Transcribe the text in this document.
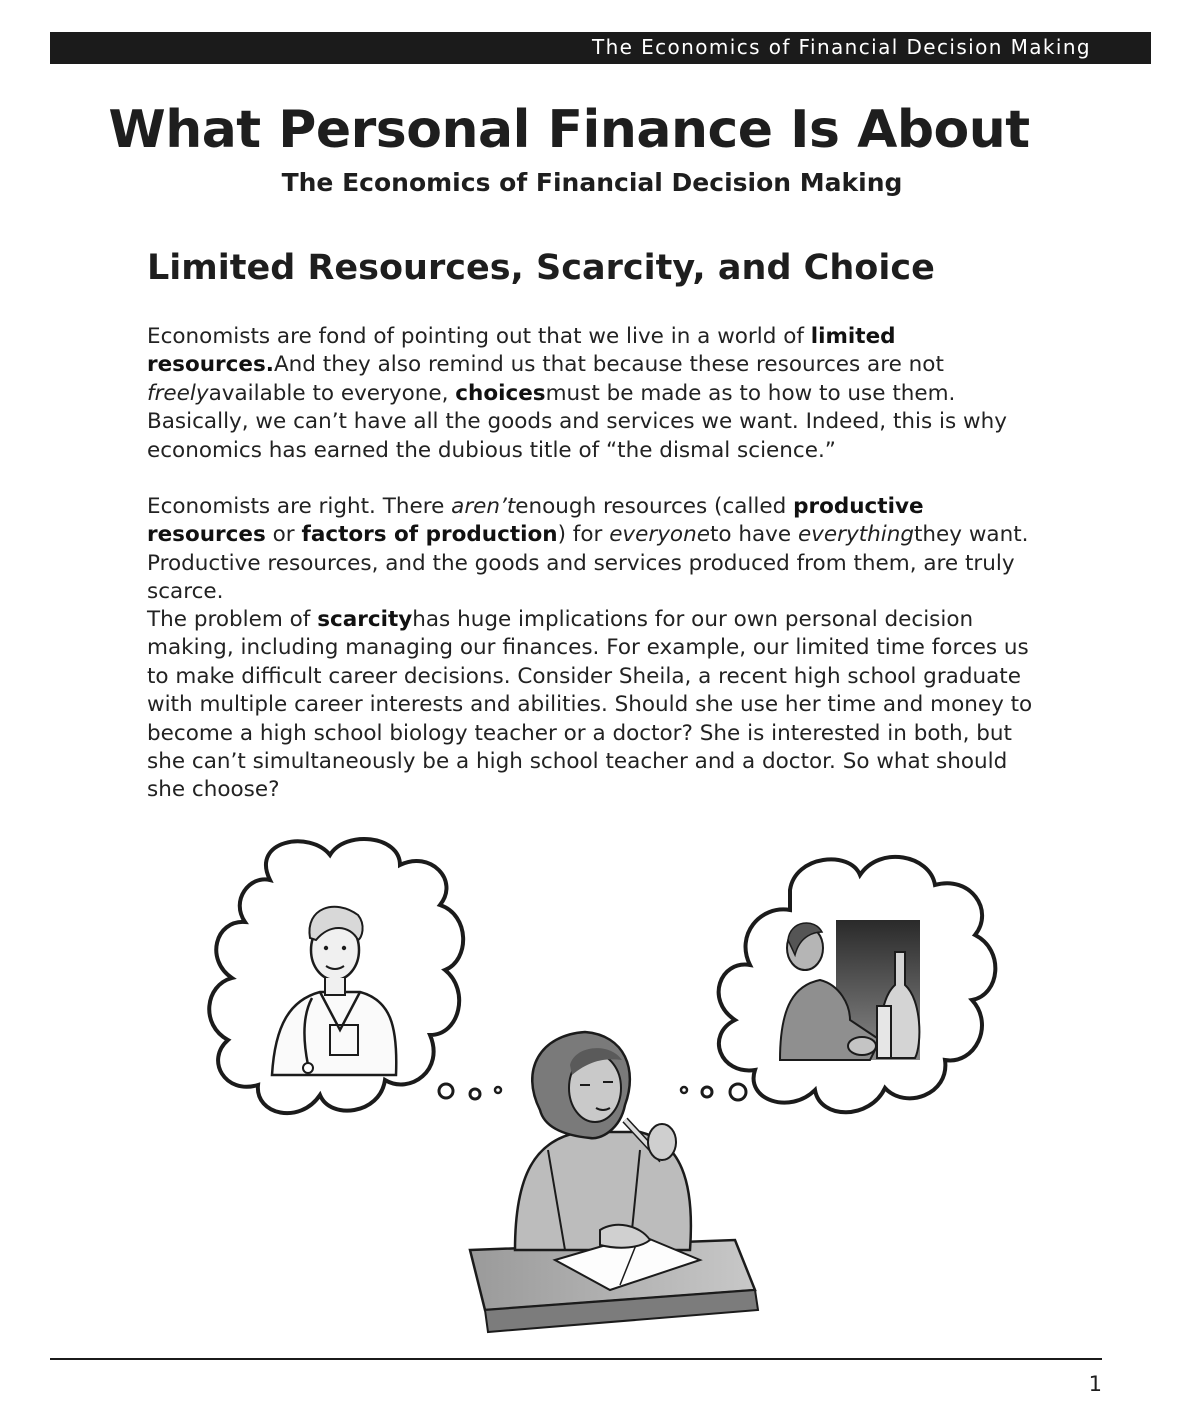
The Economics of Financial Decision Making
What Personal Finance Is About
The Economics of Financial Decision Making
Limited Resources, Scarcity, and Choice

Economists are fond of pointing out that we live in a world of limited resources.And they also remind us that because these resources are not freelyavailable to everyone, choicesmust be made as to how to use them. Basically, we can’t have all the goods and services we want. Indeed, this is why economics has earned the dubious title of “the dismal science.”

Economists are right. There aren’tenough resources (called productive resources or factors of production) for everyoneto have everythingthey want. Productive resources, and the goods and services produced from them, are truly scarce.

The problem of scarcityhas huge implications for our own personal decision making, including managing our finances. For example, our limited time forces us to make difficult career decisions. Consider Sheila, a recent high school graduate with multiple career interests and abilities. Should she use her time and money to become a high school biology teacher or a doctor? She is interested in both, but she can’t simultaneously be a high school teacher and a doctor. So what should she choose?

1
